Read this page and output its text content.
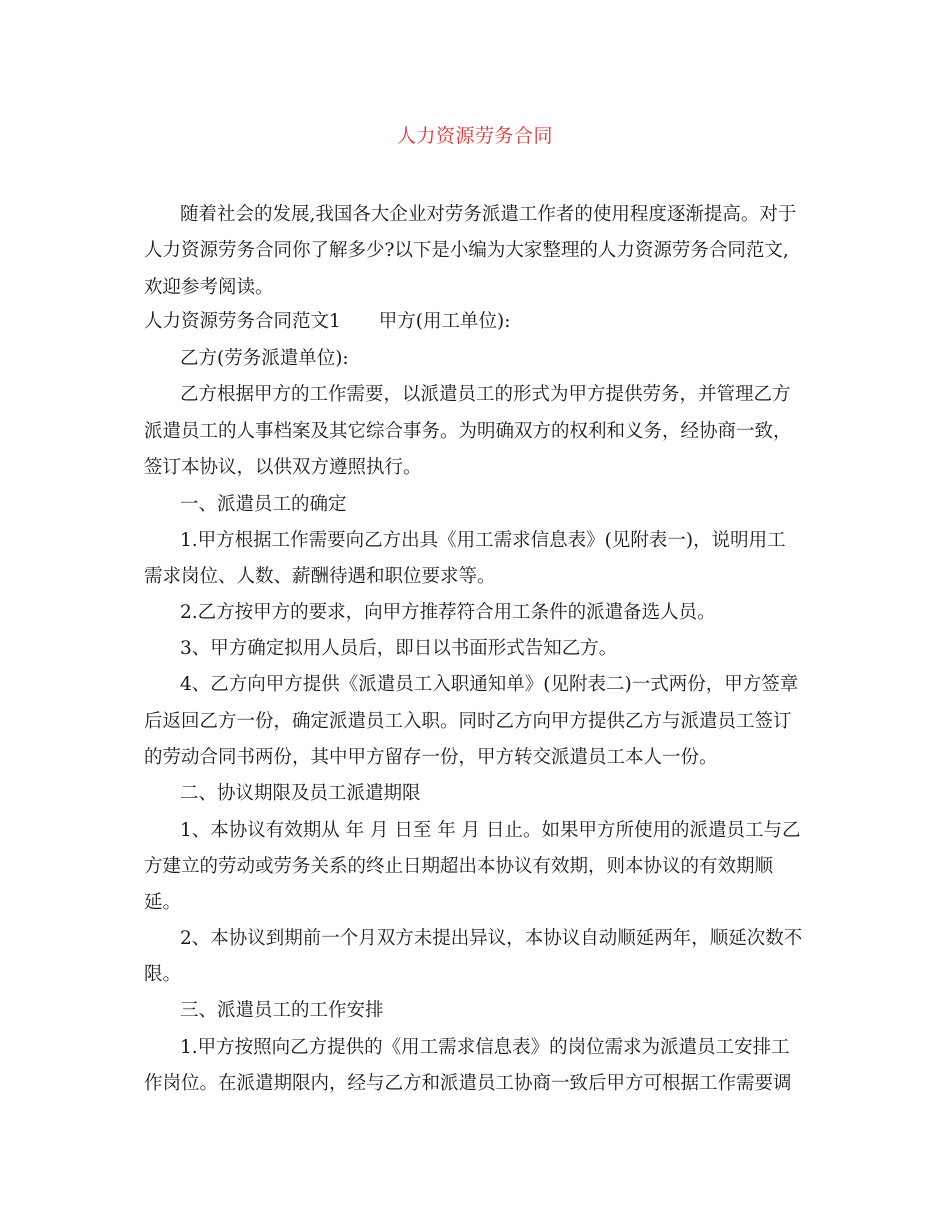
人力资源劳务合同
随着社会的发展,我国各大企业对劳务派遣工作者的使用程度逐渐提高。对于
人力资源劳务合同你了解多少?以下是小编为大家整理的人力资源劳务合同范文,
欢迎参考阅读。
人力资源劳务合同范文1 甲方(用工单位):
乙方(劳务派遣单位):
乙方根据甲方的工作需要，以派遣员工的形式为甲方提供劳务，并管理乙方
派遣员工的人事档案及其它综合事务。为明确双方的权利和义务，经协商一致，
签订本协议，以供双方遵照执行。
一、派遣员工的确定
1.甲方根据工作需要向乙方出具《用工需求信息表》(见附表一)，说明用工
需求岗位、人数、薪酬待遇和职位要求等。
2.乙方按甲方的要求，向甲方推荐符合用工条件的派遣备选人员。
3、甲方确定拟用人员后，即日以书面形式告知乙方。
4、乙方向甲方提供《派遣员工入职通知单》(见附表二)一式两份，甲方签章
后返回乙方一份，确定派遣员工入职。同时乙方向甲方提供乙方与派遣员工签订
的劳动合同书两份，其中甲方留存一份，甲方转交派遣员工本人一份。
二、协议期限及员工派遣期限
1、本协议有效期从 年 月 日至 年 月 日止。如果甲方所使用的派遣员工与乙
方建立的劳动或劳务关系的终止日期超出本协议有效期，则本协议的有效期顺
延。
2、本协议到期前一个月双方未提出异议，本协议自动顺延两年，顺延次数不
限。
三、派遣员工的工作安排
1.甲方按照向乙方提供的《用工需求信息表》的岗位需求为派遣员工安排工
作岗位。在派遣期限内，经与乙方和派遣员工协商一致后甲方可根据工作需要调
